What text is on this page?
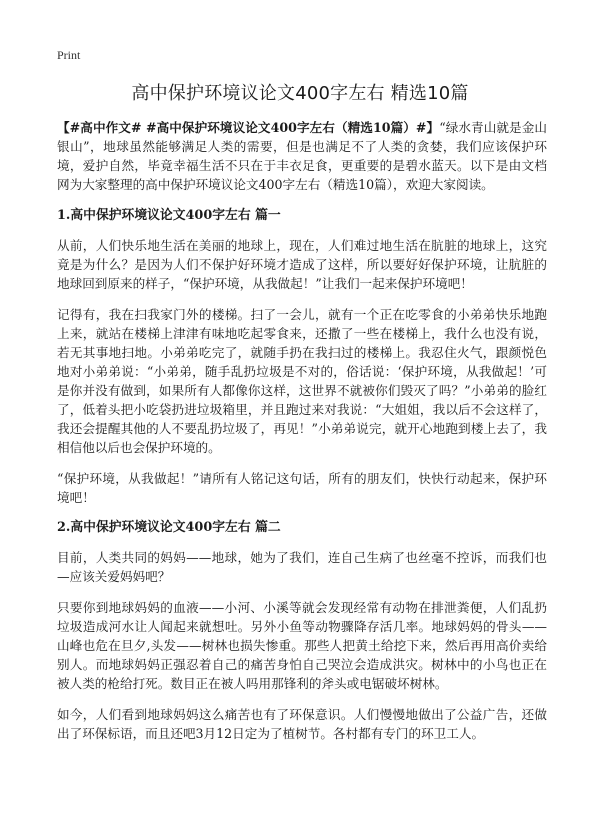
Print
高中保护环境议论文400字左右 精选10篇

【#高中作文# #高中保护环境议论文400字左右（精选10篇）#】“绿水青山就是金山银山”，地球虽然能够满足人类的需要，但是也满足不了人类的贪婪，我们应该保护环境，爱护自然，毕竟幸福生活不只在于丰衣足食，更重要的是碧水蓝天。以下是由文档网为大家整理的高中保护环境议论文400字左右（精选10篇），欢迎大家阅读。

1.高中保护环境议论文400字左右 篇一

从前，人们快乐地生活在美丽的地球上，现在，人们难过地生活在肮脏的地球上，这究竟是为什么？是因为人们不保护好环境才造成了这样，所以要好好保护环境，让肮脏的地球回到原来的样子，“保护环境，从我做起！”让我们一起来保护环境吧！

记得有，我在扫我家门外的楼梯。扫了一会儿，就有一个正在吃零食的小弟弟快乐地跑上来，就站在楼梯上津津有味地吃起零食来，还撒了一些在楼梯上，我什么也没有说，若无其事地扫地。小弟弟吃完了，就随手扔在我扫过的楼梯上。我忍住火气，跟颜悦色地对小弟弟说：“小弟弟，随手乱扔垃圾是不对的，俗话说：‘保护环境，从我做起！’可是你并没有做到，如果所有人都像你这样，这世界不就被你们毁灭了吗？”小弟弟的脸红了，低着头把小吃袋扔进垃圾箱里，并且跑过来对我说：“大姐姐，我以后不会这样了，我还会提醒其他的人不要乱扔垃圾了，再见！”小弟弟说完，就开心地跑到楼上去了，我相信他以后也会保护环境的。

“保护环境，从我做起！”请所有人铭记这句话，所有的朋友们，快快行动起来，保护环境吧！

2.高中保护环境议论文400字左右 篇二

目前，人类共同的妈妈——地球，她为了我们，连自己生病了也丝毫不控诉，而我们也—应该关爱妈妈吧？

只要你到地球妈妈的血液——小河、小溪等就会发现经常有动物在排泄粪便，人们乱扔垃圾造成河水让人闻起来就想吐。另外小鱼等动物骤降存活几率。地球妈妈的骨头——山峰也危在旦夕,头发——树林也损失惨重。那些人把黄土给挖下来，然后再用高价卖给别人。而地球妈妈正强忍着自己的痛苦身怕自己哭泣会造成洪灾。树林中的小鸟也正在被人类的枪给打死。数目正在被人吗用那锋利的斧头或电锯破坏树林。

如今，人们看到地球妈妈这么痛苦也有了环保意识。人们慢慢地做出了公益广告，还做出了环保标语，而且还吧3月12日定为了植树节。各村都有专门的环卫工人。
